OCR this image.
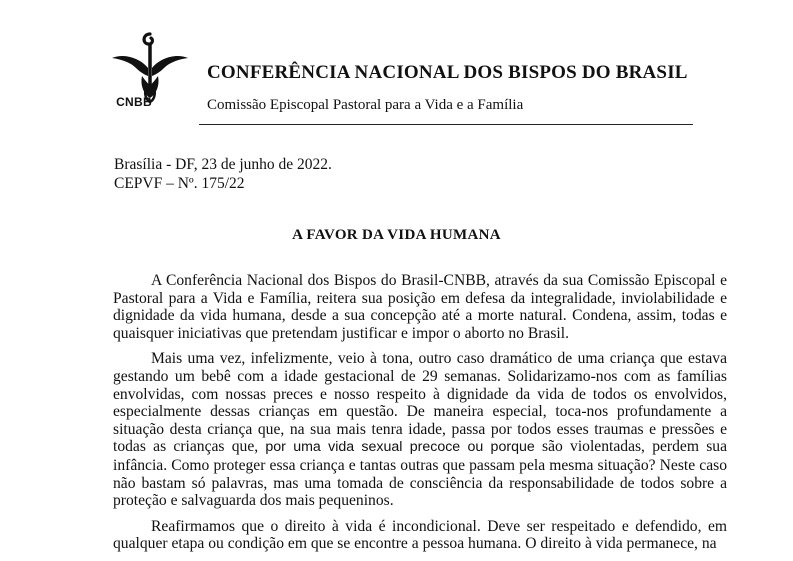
CNBB
CONFERÊNCIA NACIONAL DOS BISPOS DO BRASIL
Comissão Episcopal Pastoral para a Vida e a Família
Brasília - DF, 23 de junho de 2022.
CEPVF – Nº. 175/22
A FAVOR DA VIDA HUMANA

A Conferência Nacional dos Bispos do Brasil-CNBB, através da sua Comissão Episcopal e Pastoral para a Vida e Família, reitera sua posição em defesa da integralidade, inviolabilidade e dignidade da vida humana, desde a sua concepção até a morte natural. Condena, assim, todas e quaisquer iniciativas que pretendam justificar e impor o aborto no Brasil.

Mais uma vez, infelizmente, veio à tona, outro caso dramático de uma criança que estava gestando um bebê com a idade gestacional de 29 semanas. Solidarizamo-nos com as famílias envolvidas, com nossas preces e nosso respeito à dignidade da vida de todos os envolvidos, especialmente dessas crianças em questão. De maneira especial, toca-nos profundamente a situação desta criança que, na sua mais tenra idade, passa por todos esses traumas e pressões e todas as crianças que, por uma vida sexual precoce ou porque são violentadas, perdem sua infância. Como proteger essa criança e tantas outras que passam pela mesma situação? Neste caso não bastam só palavras, mas uma tomada de consciência da responsabilidade de todos sobre a proteção e salvaguarda dos mais pequeninos.

Reafirmamos que o direito à vida é incondicional. Deve ser respeitado e defendido, em qualquer etapa ou condição em que se encontre a pessoa humana. O direito à vida permanece, na
